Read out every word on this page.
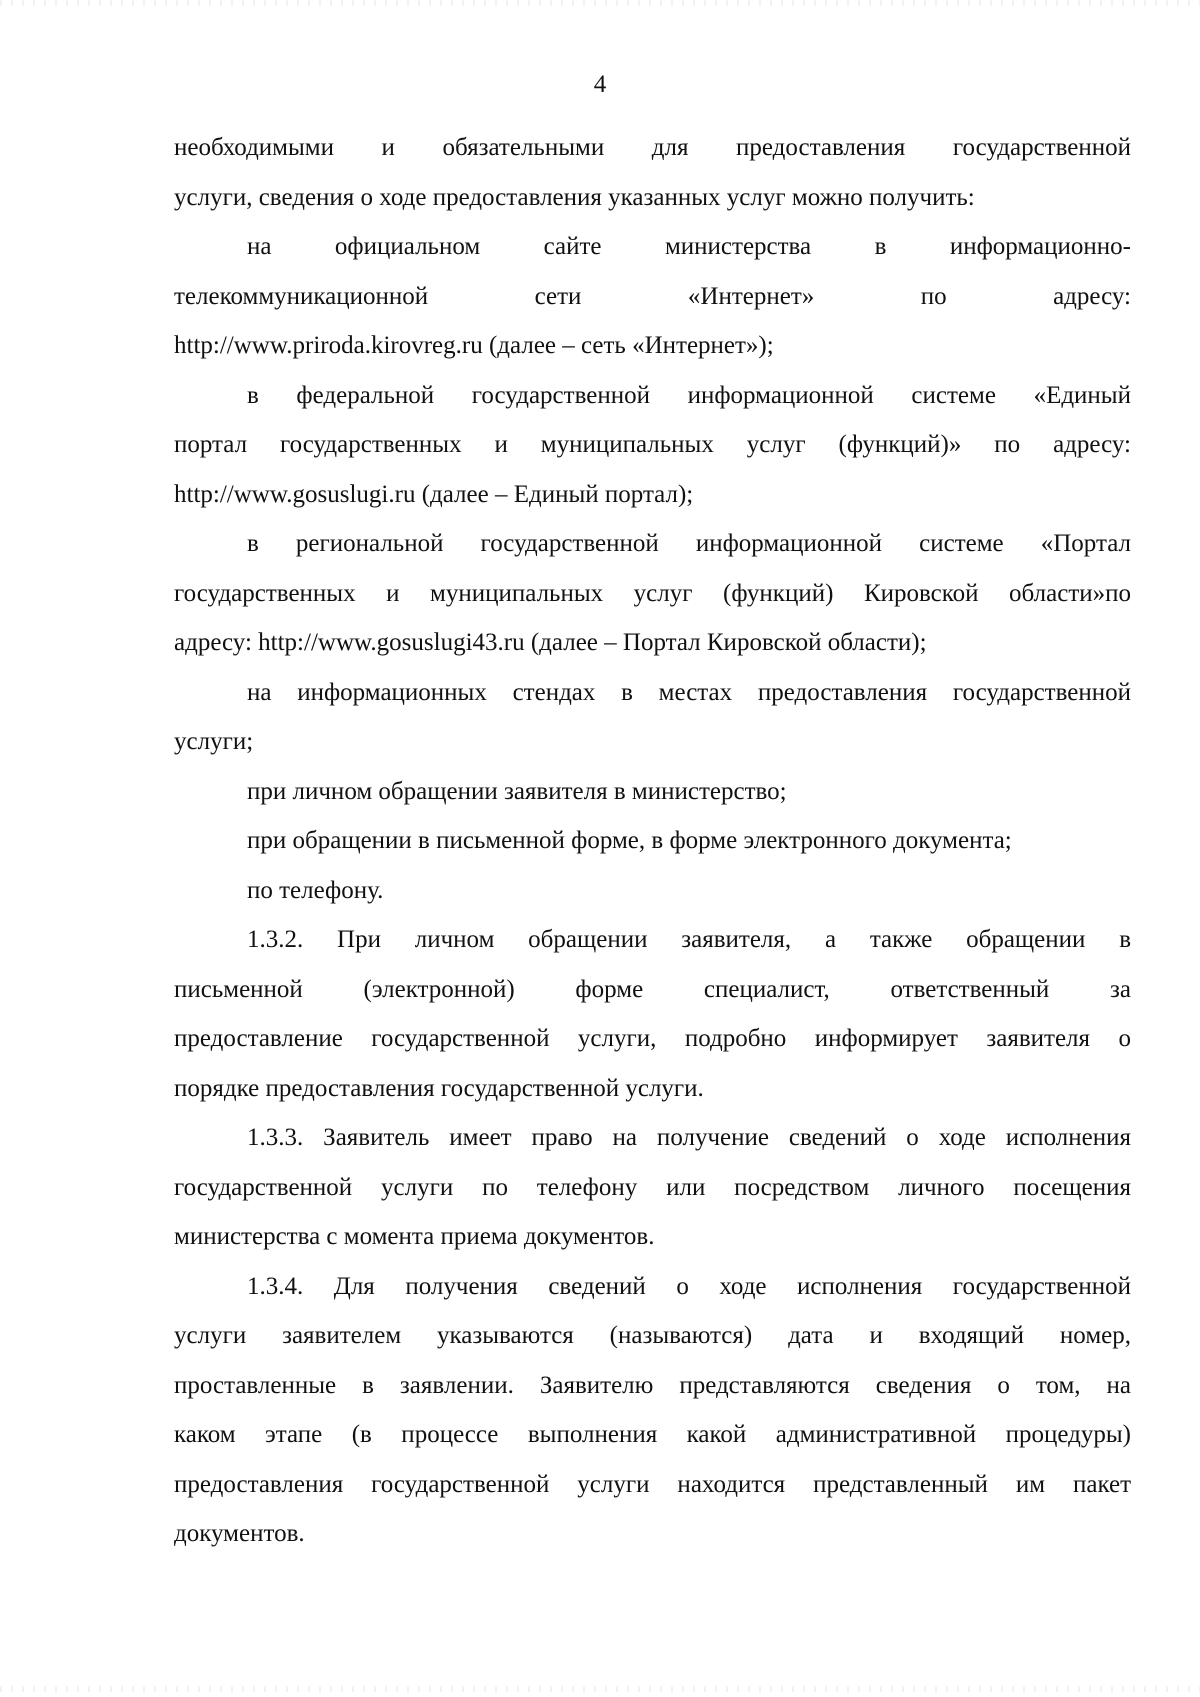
4

необходимыми и обязательными для предоставления государственной

услуги, сведения о ходе предоставления указанных услуг можно получить:

на официальном сайте министерства в информационно-

телекоммуникационной сети «Интернет» по адресу:

http://www.priroda.kirovreg.ru (далее – сеть «Интернет»);

в федеральной государственной информационной системе «Единый

портал государственных и муниципальных услуг (функций)» по адресу:

http://www.gosuslugi.ru (далее – Единый портал);

в региональной государственной информационной системе «Портал

государственных и муниципальных услуг (функций) Кировской области»по

адресу: http://www.gosuslugi43.ru (далее – Портал Кировской области);

на информационных стендах в местах предоставления государственной

услуги;

при личном обращении заявителя в министерство;

при обращении в письменной форме, в форме электронного документа;

по телефону.

1.3.2. При личном обращении заявителя, а также обращении в

письменной (электронной) форме специалист, ответственный за

предоставление государственной услуги, подробно информирует заявителя о

порядке предоставления государственной услуги.

1.3.3. Заявитель имеет право на получение сведений о ходе исполнения

государственной услуги по телефону или посредством личного посещения

министерства с момента приема документов.

1.3.4. Для получения сведений о ходе исполнения государственной

услуги заявителем указываются (называются) дата и входящий номер,

проставленные в заявлении. Заявителю представляются сведения о том, на

каком этапе (в процессе выполнения какой административной процедуры)

предоставления государственной услуги находится представленный им пакет

документов.
